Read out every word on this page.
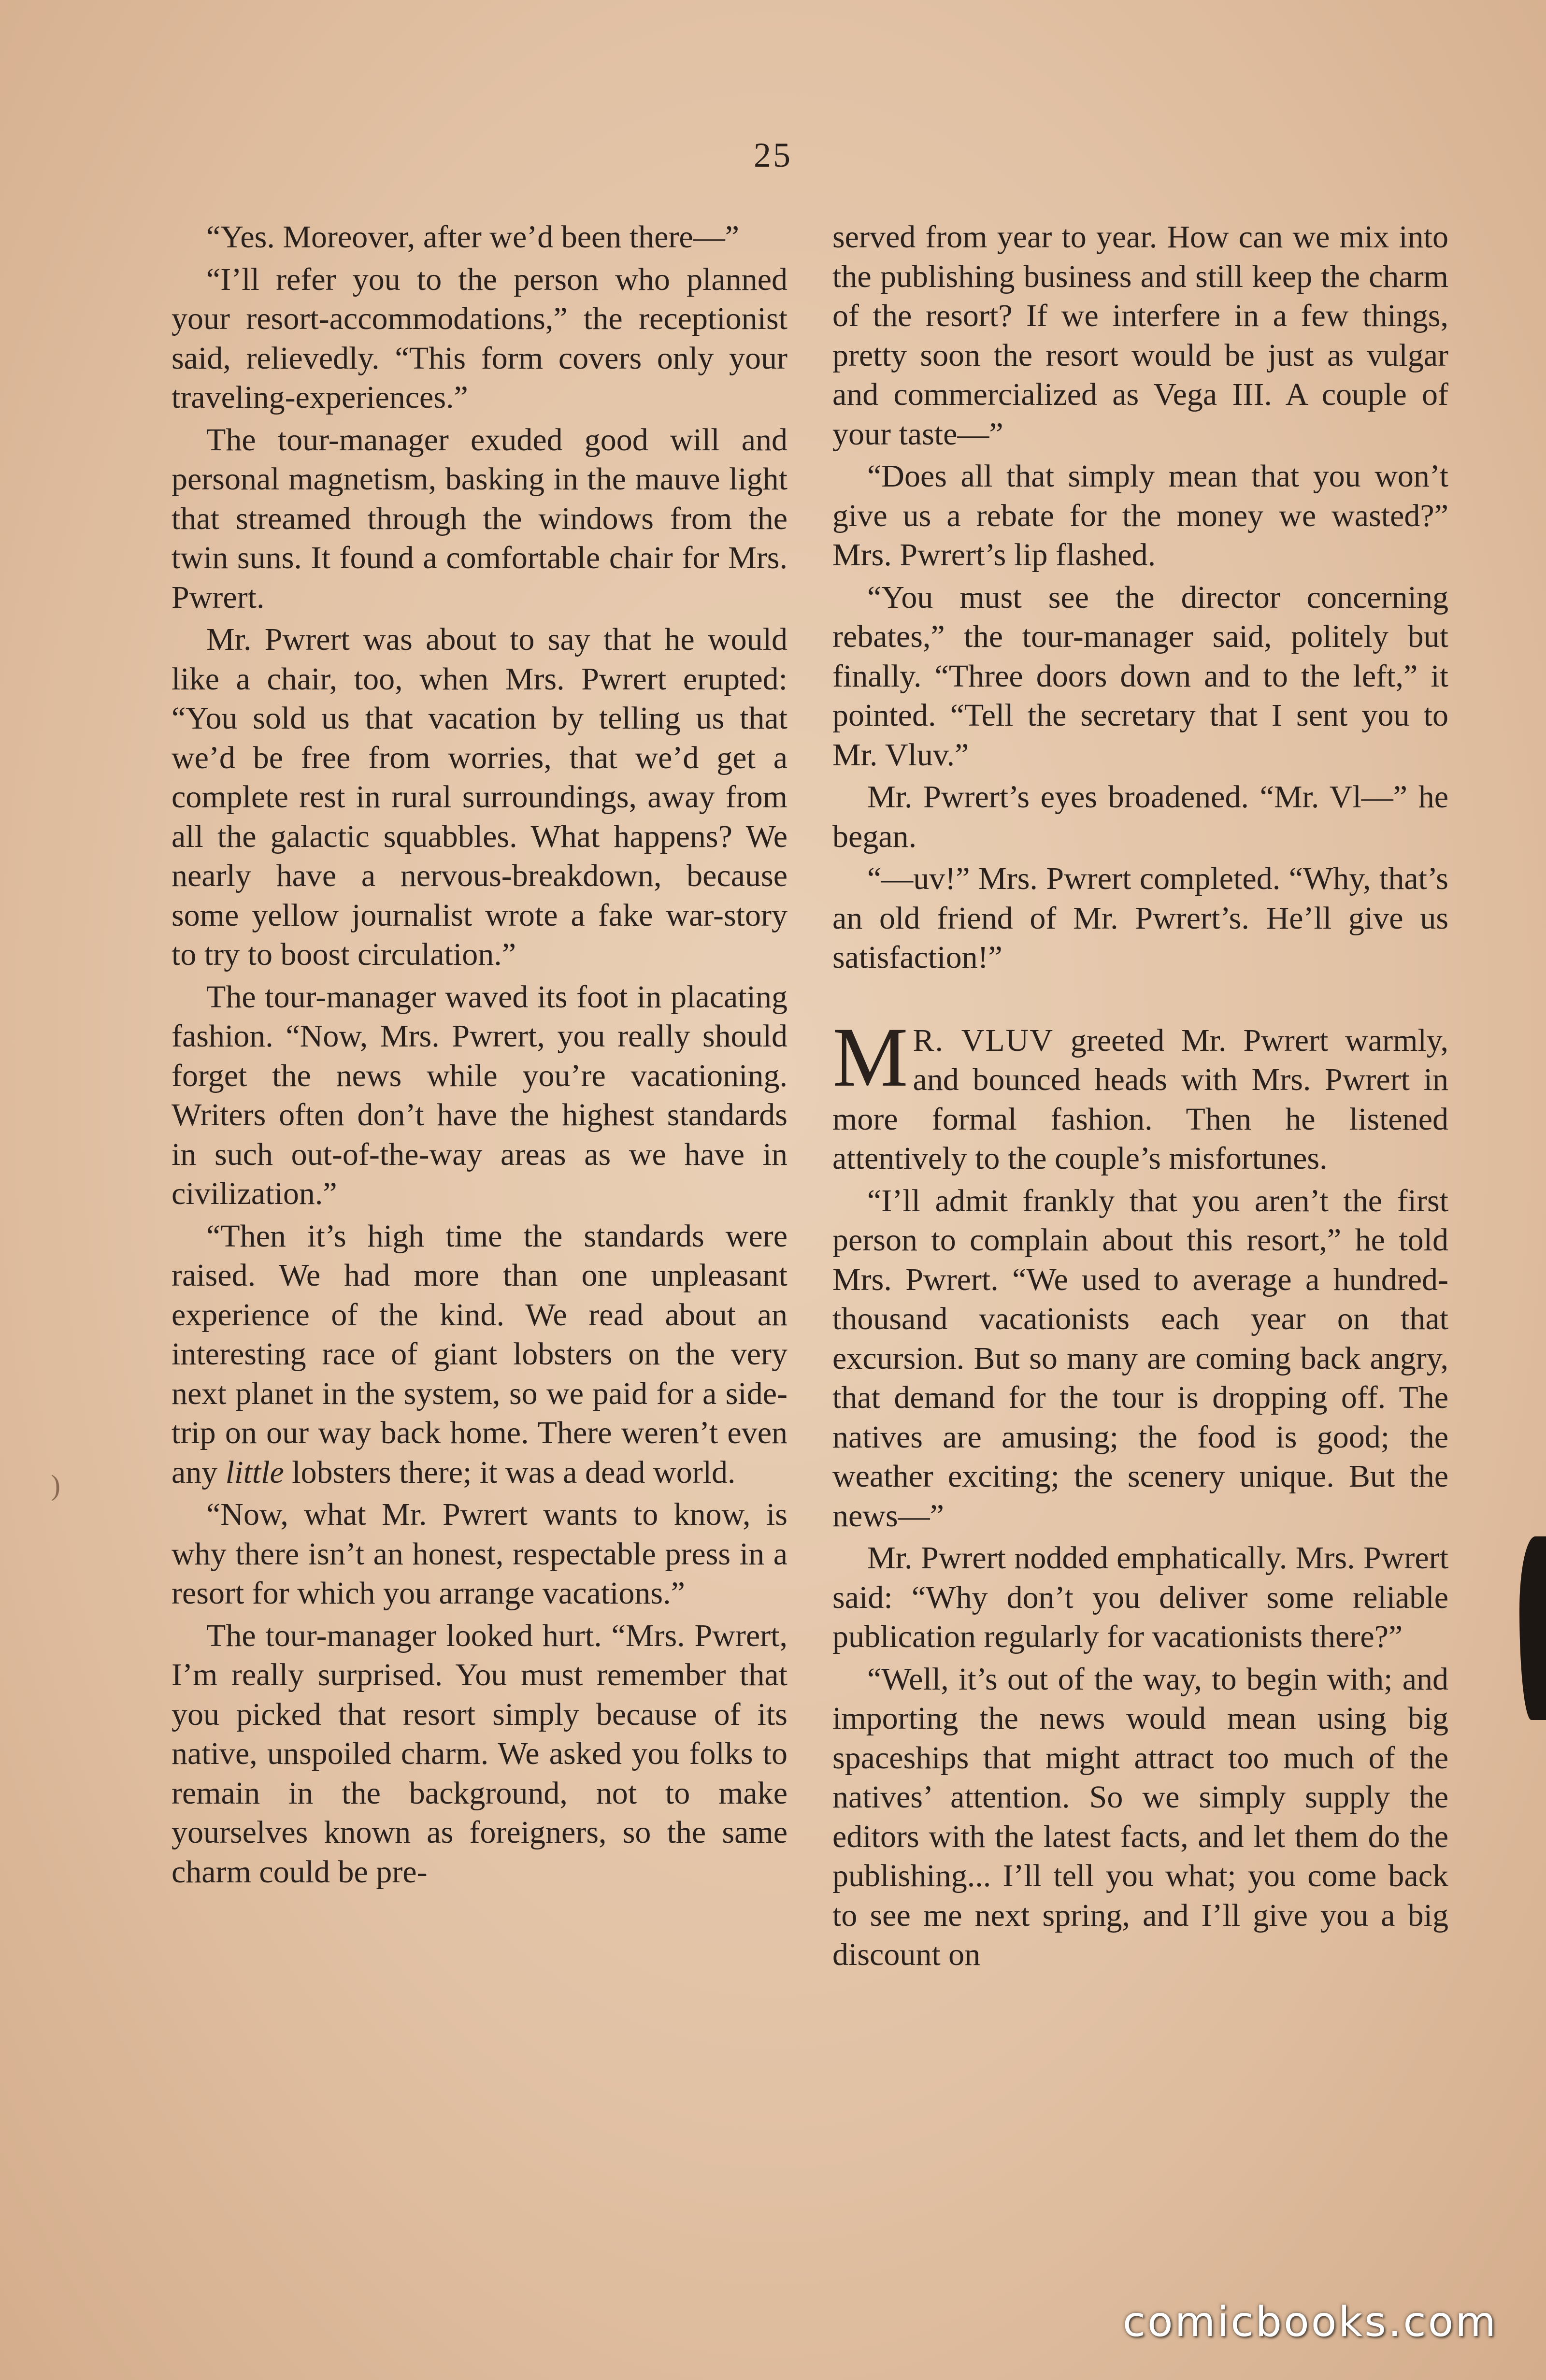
25
)

“Yes. Moreover, after we’d been there—”

“I’ll refer you to the person who planned your resort-accommodations,” the receptionist said, relievedly. “This form covers only your traveling-experiences.”

The tour-manager exuded good will and personal magnetism, basking in the mauve light that streamed through the windows from the twin suns. It found a comfortable chair for Mrs. Pwrert.

Mr. Pwrert was about to say that he would like a chair, too, when Mrs. Pwrert erupted: “You sold us that vacation by telling us that we’d be free from worries, that we’d get a complete rest in rural surroundings, away from all the galactic squabbles. What happens? We nearly have a nervous-breakdown, because some yellow journalist wrote a fake war-story to try to boost circulation.”

The tour-manager waved its foot in placating fashion. “Now, Mrs. Pwrert, you really should forget the news while you’re vacationing. Writers often don’t have the highest standards in such out-of-the-way areas as we have in civilization.”

“Then it’s high time the standards were raised. We had more than one unpleasant experience of the kind. We read about an interesting race of giant lobsters on the very next planet in the system, so we paid for a side-trip on our way back home. There weren’t even any little lobsters there; it was a dead world.

“Now, what Mr. Pwrert wants to know, is why there isn’t an honest, respectable press in a resort for which you arrange vacations.”

The tour-manager looked hurt. “Mrs. Pwrert, I’m really surprised. You must remember that you picked that resort simply because of its native, unspoiled charm. We asked you folks to remain in the background, not to make yourselves known as foreigners, so the same charm could be pre-

served from year to year. How can we mix into the publishing business and still keep the charm of the resort? If we interfere in a few things, pretty soon the resort would be just as vulgar and commercialized as Vega III. A couple of your taste—”

“Does all that simply mean that you won’t give us a rebate for the money we wasted?” Mrs. Pwrert’s lip flashed.

“You must see the director concerning rebates,” the tour-manager said, politely but finally. “Three doors down and to the left,” it pointed. “Tell the secretary that I sent you to Mr. Vluv.”

Mr. Pwrert’s eyes broadened. “Mr. Vl—” he began.

“—uv!” Mrs. Pwrert completed. “Why, that’s an old friend of Mr. Pwrert’s. He’ll give us satisfaction!”

M R. VLUV greeted Mr. Pwrert warmly, and bounced heads with Mrs. Pwrert in more formal fashion. Then he listened attentively to the couple’s misfortunes.

“I’ll admit frankly that you aren’t the first person to complain about this resort,” he told Mrs. Pwrert. “We used to average a hundred-thousand vacationists each year on that excursion. But so many are coming back angry, that demand for the tour is dropping off. The natives are amusing; the food is good; the weather exciting; the scenery unique. But the news—”

Mr. Pwrert nodded emphatically. Mrs. Pwrert said: “Why don’t you deliver some reliable publication regularly for vacationists there?”

“Well, it’s out of the way, to begin with; and importing the news would mean using big spaceships that might attract too much of the natives’ attention. So we simply supply the editors with the latest facts, and let them do the publishing... I’ll tell you what; you come back to see me next spring, and I’ll give you a big discount on

comicbooks.com
